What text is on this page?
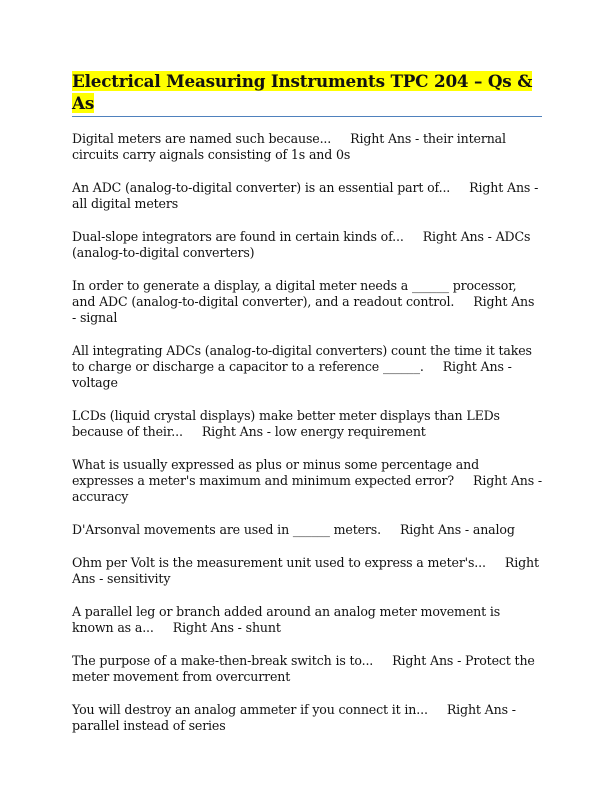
Electrical Measuring Instruments TPC 204 – Qs & As

Digital meters are named such because... Right Ans - their internal circuits carry aignals consisting of 1s and 0s

An ADC (analog-to-digital converter) is an essential part of... Right Ans - all digital meters

Dual-slope integrators are found in certain kinds of... Right Ans - ADCs (analog-to-digital converters)

In order to generate a display, a digital meter needs a ______ processor, and ADC (analog-to-digital converter), and a readout control. Right Ans - signal

All integrating ADCs (analog-to-digital converters) count the time it takes to charge or discharge a capacitor to a reference ______. Right Ans - voltage

LCDs (liquid crystal displays) make better meter displays than LEDs because of their... Right Ans - low energy requirement

What is usually expressed as plus or minus some percentage and expresses a meter's maximum and minimum expected error? Right Ans - accuracy

D'Arsonval movements are used in ______ meters. Right Ans - analog

Ohm per Volt is the measurement unit used to express a meter's... Right Ans - sensitivity

A parallel leg or branch added around an analog meter movement is known as a... Right Ans - shunt

The purpose of a make-then-break switch is to... Right Ans - Protect the meter movement from overcurrent

You will destroy an analog ammeter if you connect it in... Right Ans - parallel instead of series
